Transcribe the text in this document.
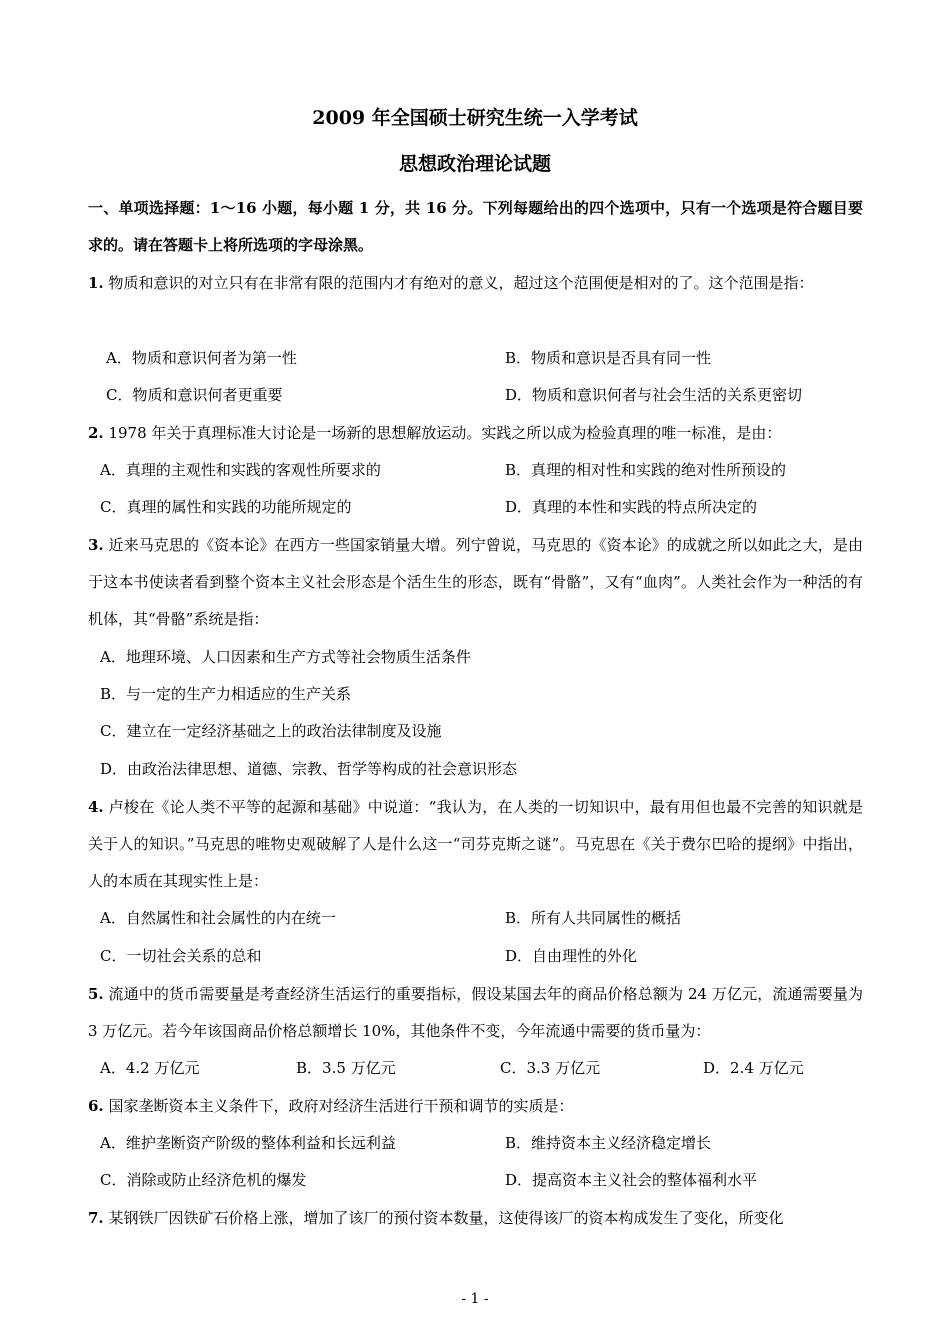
2009 年全国硕士研究生统一入学考试
思想政治理论试题
一、单项选择题：1～16 小题，每小题 1 分，共 16 分。下列每题给出的四个选项中，只有一个选项是符合题目要求的。请在答题卡上将所选项的字母涂黑。
1. 物质和意识的对立只有在非常有限的范围内才有绝对的意义，超过这个范围便是相对的了。这个范围是指：
A．物质和意识何者为第一性	B．物质和意识是否具有同一性
C．物质和意识何者更重要	D．物质和意识何者与社会生活的关系更密切
2. 1978 年关于真理标准大讨论是一场新的思想解放运动。实践之所以成为检验真理的唯一标准，是由：
A．真理的主观性和实践的客观性所要求的	B．真理的相对性和实践的绝对性所预设的
C．真理的属性和实践的功能所规定的	D．真理的本性和实践的特点所决定的
3. 近来马克思的《资本论》在西方一些国家销量大增。列宁曾说，马克思的《资本论》的成就之所以如此之大，是由于这本书使读者看到整个资本主义社会形态是个活生生的形态，既有“骨骼”，又有“血肉”。人类社会作为一种活的有机体，其“骨骼”系统是指：
A．地理环境、人口因素和生产方式等社会物质生活条件
B．与一定的生产力相适应的生产关系
C．建立在一定经济基础之上的政治法律制度及设施
D．由政治法律思想、道德、宗教、哲学等构成的社会意识形态
4. 卢梭在《论人类不平等的起源和基础》中说道：“我认为，在人类的一切知识中，最有用但也最不完善的知识就是关于人的知识。”马克思的唯物史观破解了人是什么这一“司芬克斯之谜”。马克思在《关于费尔巴哈的提纲》中指出，人的本质在其现实性上是：
A．自然属性和社会属性的内在统一	B．所有人共同属性的概括
C．一切社会关系的总和	D．自由理性的外化
5. 流通中的货币需要量是考查经济生活运行的重要指标，假设某国去年的商品价格总额为 24 万亿元，流通需要量为 3 万亿元。若今年该国商品价格总额增长 10%，其他条件不变，今年流通中需要的货币量为：
A．4.2 万亿元	B．3.5 万亿元	C．3.3 万亿元	D．2.4 万亿元
6. 国家垄断资本主义条件下，政府对经济生活进行干预和调节的实质是：
A．维护垄断资产阶级的整体利益和长远利益	B．维持资本主义经济稳定增长
C．消除或防止经济危机的爆发	D．提高资本主义社会的整体福利水平
7. 某钢铁厂因铁矿石价格上涨，增加了该厂的预付资本数量，这使得该厂的资本构成发生了变化，所变化
- 1 -
